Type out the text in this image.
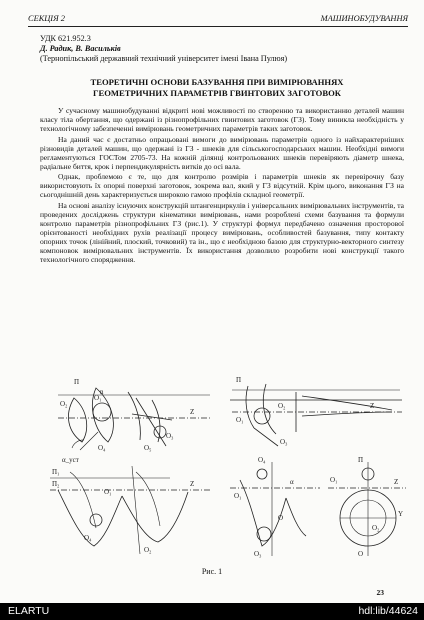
СЕКЦІЯ 2	МАШИНОБУДУВАННЯ
УДК 621.952.3
Д. Радик, В. Васильків
(Тернопільський державний технічний університет імені Івана Пулюя)
ТЕОРЕТИЧНІ ОСНОВИ БАЗУВАННЯ ПРИ ВИМІРЮВАННЯХ
ГЕОМЕТРИЧНИХ ПАРАМЕТРІВ ГВИНТОВИХ ЗАГОТОВОК

У сучасному машинобудуванні відкриті нові можливості по створенню та використанню деталей машин класу тіла обертання, що одержані із різнопрофільних гвинтових заготовок (ГЗ). Тому виникла необхідність у технологічному забезпеченні вимірювань геометричних параметрів таких заготовок.

На даний час є достатньо опрацьовані вимоги до вимірювань параметрів одного із найхарактерніших різновидів деталей машин, що одержані із ГЗ - шнеків для сільськогосподарських машин. Необхідні вимоги регламентуються ГОСТом 2705-73. На кожній ділянці контрольованих шнеків перевіряють діаметр шнека, радіальне биття, крок і перпендикулярність витків до осі вала.

Однак, проблемою є те, що для контролю розмірів і параметрів шнеків як перевірочну базу використовують їх опорні поверхні заготовок, зокрема вал, який у ГЗ відсутній. Крім цього, виконання ГЗ на сьогоднішній день характеризується широкою гамою профілів складної геометрії.

На основі аналізу існуючих конструкцій штангенциркулів і універсальних вимірювальних інструментів, та проведених досліджень структури кінематики вимірювань, нами розроблені схеми базування та формули контролю параметрів різнопрофільних ГЗ (рис.1). У структурі формул передбачено означення просторової орієнтованості необхідних рухів реалізації процесу вимірювань, особливостей базування, типу контакту опорних точок (лінійний, плоский, точковий) та ін., що є необхідною базою для структурно-векторного синтезу компоновок вимірювальних інструментів. Їх використання дозволило розробити нові конструкції такого технологічного спорядження.

П
O₁
O₂
n
Z
O₃
O₅
O₄
α_уст
П
O₁
O₂	Z
O₃
П₁
П₂
O₁
Z
O₄
O₂
O₄
O₁
α
O
O₃
П
O₁	Z
Y
O₂
O
Рис. 1
23
ELARTU	hdl:lib/44624
